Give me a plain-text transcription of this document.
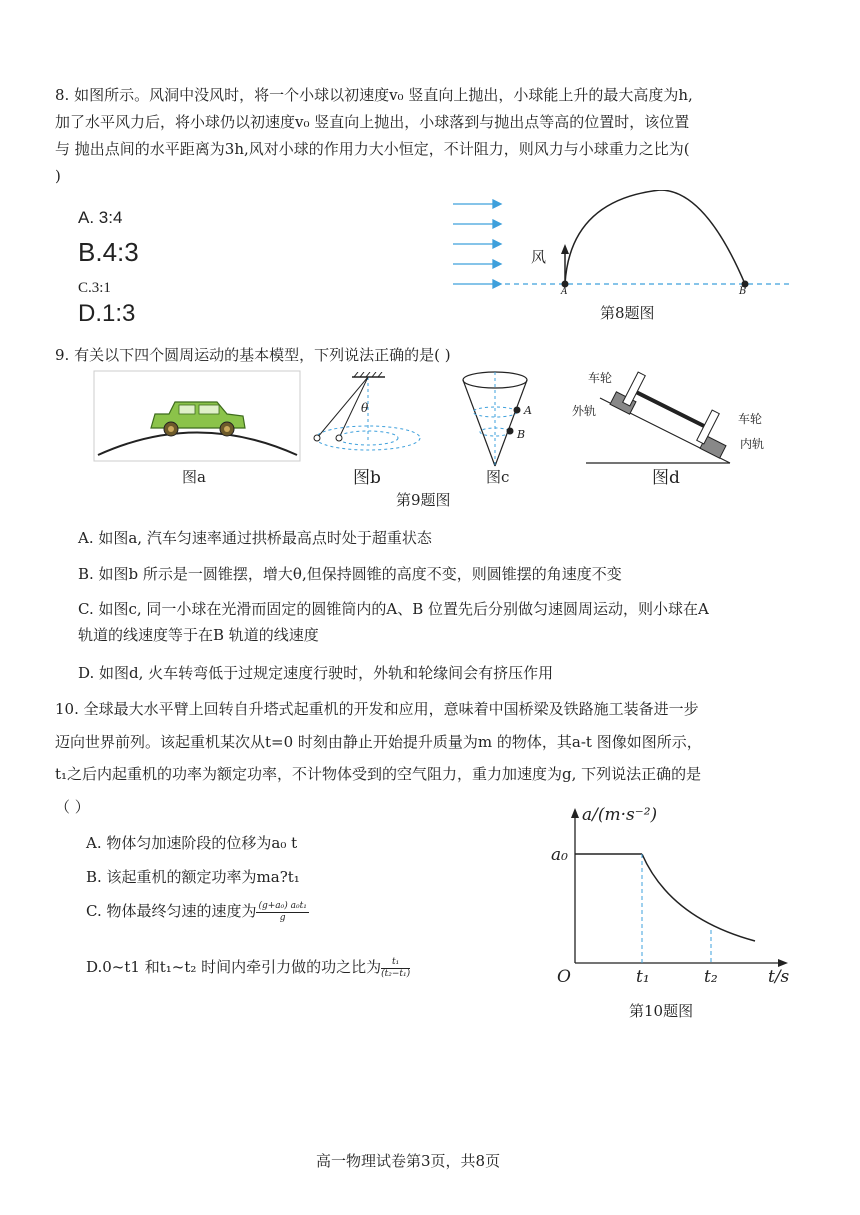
8. 如图所示。风洞中没风时，将一个小球以初速度v₀ 竖直向上抛出，小球能上升的最大高度为h,
加了水平风力后，将小球仍以初速度v₀ 竖直向上抛出，小球落到与抛出点等高的位置时，该位置
与 抛出点间的水平距离为3h,风对小球的作用力大小恒定，不计阻力，则风力与小球重力之比为(
)
A. 3:4
B.4:3
C.3:1
D.1:3
风
A	B
第8题图
9. 有关以下四个圆周运动的基本模型，下列说法正确的是( )
图a
θ
图b
A
B
图c
车轮
外轨
车轮
内轨
图d
第9题图
A. 如图a, 汽车匀速率通过拱桥最高点时处于超重状态
B. 如图b 所示是一圆锥摆，增大θ,但保持圆锥的高度不变，则圆锥摆的角速度不变
C. 如图c, 同一小球在光滑而固定的圆锥筒内的A、B 位置先后分别做匀速圆周运动，则小球在A
轨道的线速度等于在B 轨道的线速度
D. 如图d, 火车转弯低于过规定速度行驶时，外轨和轮缘间会有挤压作用
10. 全球最大水平臂上回转自升塔式起重机的开发和应用，意味着中国桥梁及铁路施工装备进一步
迈向世界前列。该起重机某次从t=0 时刻由静止开始提升质量为m 的物体，其a-t 图像如图所示，
t₁之后内起重机的功率为额定功率，不计物体受到的空气阻力，重力加速度为g, 下列说法正确的是
（ ）
A. 物体匀加速阶段的位移为a₀ t
B. 该起重机的额定功率为ma?t₁
C. 物体最终匀速的速度为 $\frac{\text{(g+a₀) a₀t₁}}{g}$
D.0~t1 和t₁~t₂ 时间内牵引力做的功之比为 $\frac{\text{t₁}}{\text{(t₂−t₁)}}$
a/(m·s⁻²)
a₀
O	t₁	t₂	t/s
第10题图
高一物理试卷第3页，共8页
